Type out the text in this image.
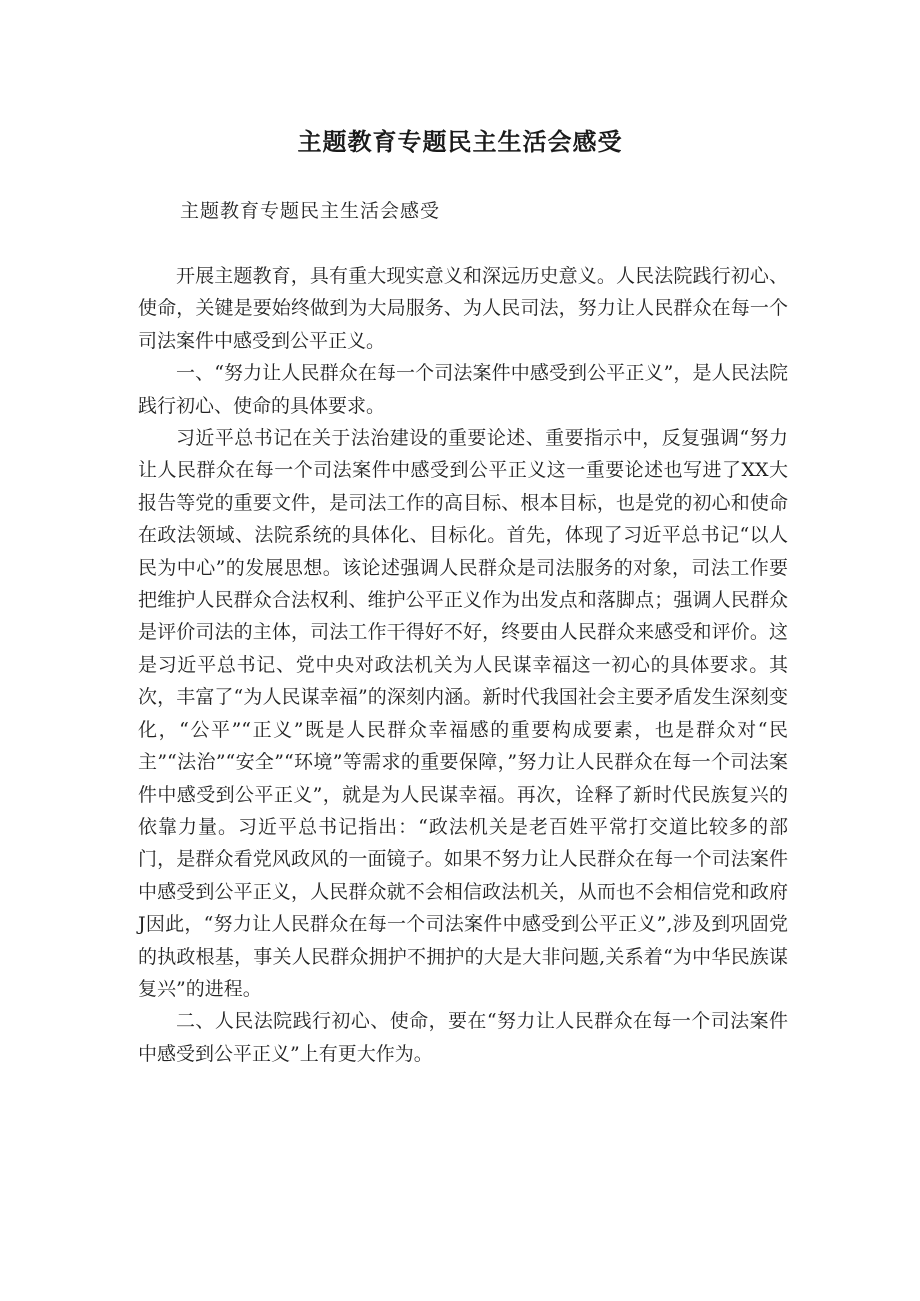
主题教育专题民主生活会感受

主题教育专题民主生活会感受

开展主题教育，具有重大现实意义和深远历史意义。人民法院践行初心、使命，关键是要始终做到为大局服务、为人民司法，努力让人民群众在每一个司法案件中感受到公平正义。

一、“努力让人民群众在每一个司法案件中感受到公平正义”，是人民法院践行初心、使命的具体要求。

习近平总书记在关于法治建设的重要论述、重要指示中，反复强调“努力让人民群众在每一个司法案件中感受到公平正义这一重要论述也写进了XX大报告等党的重要文件，是司法工作的高目标、根本目标，也是党的初心和使命在政法领域、法院系统的具体化、目标化。首先，体现了习近平总书记“以人民为中心”的发展思想。该论述强调人民群众是司法服务的对象，司法工作要把维护人民群众合法权利、维护公平正义作为出发点和落脚点；强调人民群众是评价司法的主体，司法工作干得好不好，终要由人民群众来感受和评价。这是习近平总书记、党中央对政法机关为人民谋幸福这一初心的具体要求。其次，丰富了“为人民谋幸福”的深刻内涵。新时代我国社会主要矛盾发生深刻变化，“公平”“正义”既是人民群众幸福感的重要构成要素，也是群众对“民主”“法治”“安全”“环境”等需求的重要保障，”努力让人民群众在每一个司法案件中感受到公平正义”，就是为人民谋幸福。再次，诠释了新时代民族复兴的依靠力量。习近平总书记指出：“政法机关是老百姓平常打交道比较多的部门，是群众看党风政风的一面镜子。如果不努力让人民群众在每一个司法案件中感受到公平正义，人民群众就不会相信政法机关，从而也不会相信党和政府J因此，“努力让人民群众在每一个司法案件中感受到公平正义”,涉及到巩固党的执政根基，事关人民群众拥护不拥护的大是大非问题,关系着“为中华民族谋复兴”的进程。

二、人民法院践行初心、使命，要在“努力让人民群众在每一个司法案件中感受到公平正义”上有更大作为。
